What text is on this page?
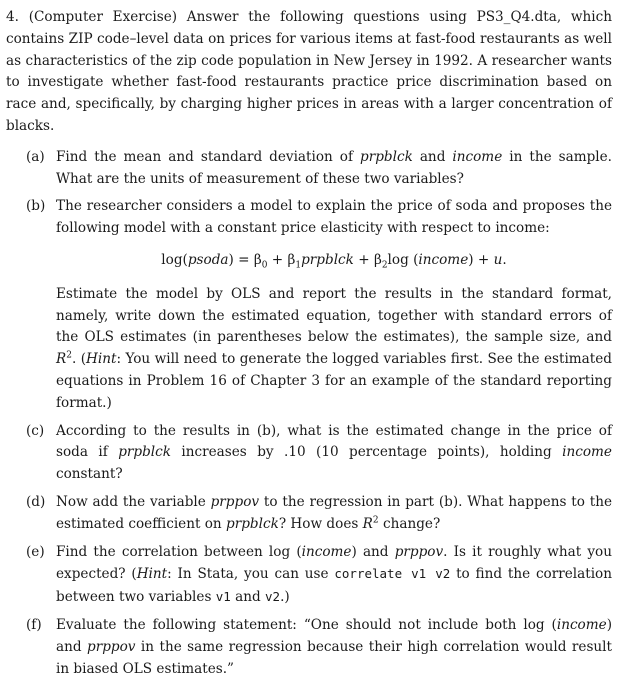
4. (Computer Exercise) Answer the following questions using PS3_Q4.dta, which contains ZIP code–level data on prices for various items at fast-food restaurants as well as characteristics of the zip code population in New Jersey in 1992. A researcher wants to investigate whether fast-food restaurants practice price discrimination based on race and, specifically, by charging higher prices in areas with a larger concentration of blacks.
(a) Find the mean and standard deviation of prpblck and income in the sample. What are the units of measurement of these two variables?
(b) The researcher considers a model to explain the price of soda and proposes the following model with a constant price elasticity with respect to income:
log(psoda) = $\beta_0$ + $\beta_1prpblck + \beta_2\log$ (income) + u.
Estimate the model by OLS and report the results in the standard format, namely, write down the estimated equation, together with standard errors of the OLS estimates (in parentheses below the estimates), the sample size, and $R^2$. (Hint: You will need to generate the logged variables first. See the estimated equations in Problem 16 of Chapter 3 for an example of the standard reporting format.)
(c) According to the results in (b), what is the estimated change in the price of soda if prpblck increases by .10 (10 percentage points), holding income constant?
(d) Now add the variable prppov to the regression in part (b). What happens to the estimated coefficient on prpblck? How does $R^2$ change?
(e) Find the correlation between log (income) and prppov. Is it roughly what you expected? (Hint: In Stata, you can use correlate v1 v2 to find the correlation between two variables v1 and v2.)
(f)	Evaluate the following statement: “One should not include both log (income) and prppov in the same regression because their high correlation would result in biased OLS estimates.”
